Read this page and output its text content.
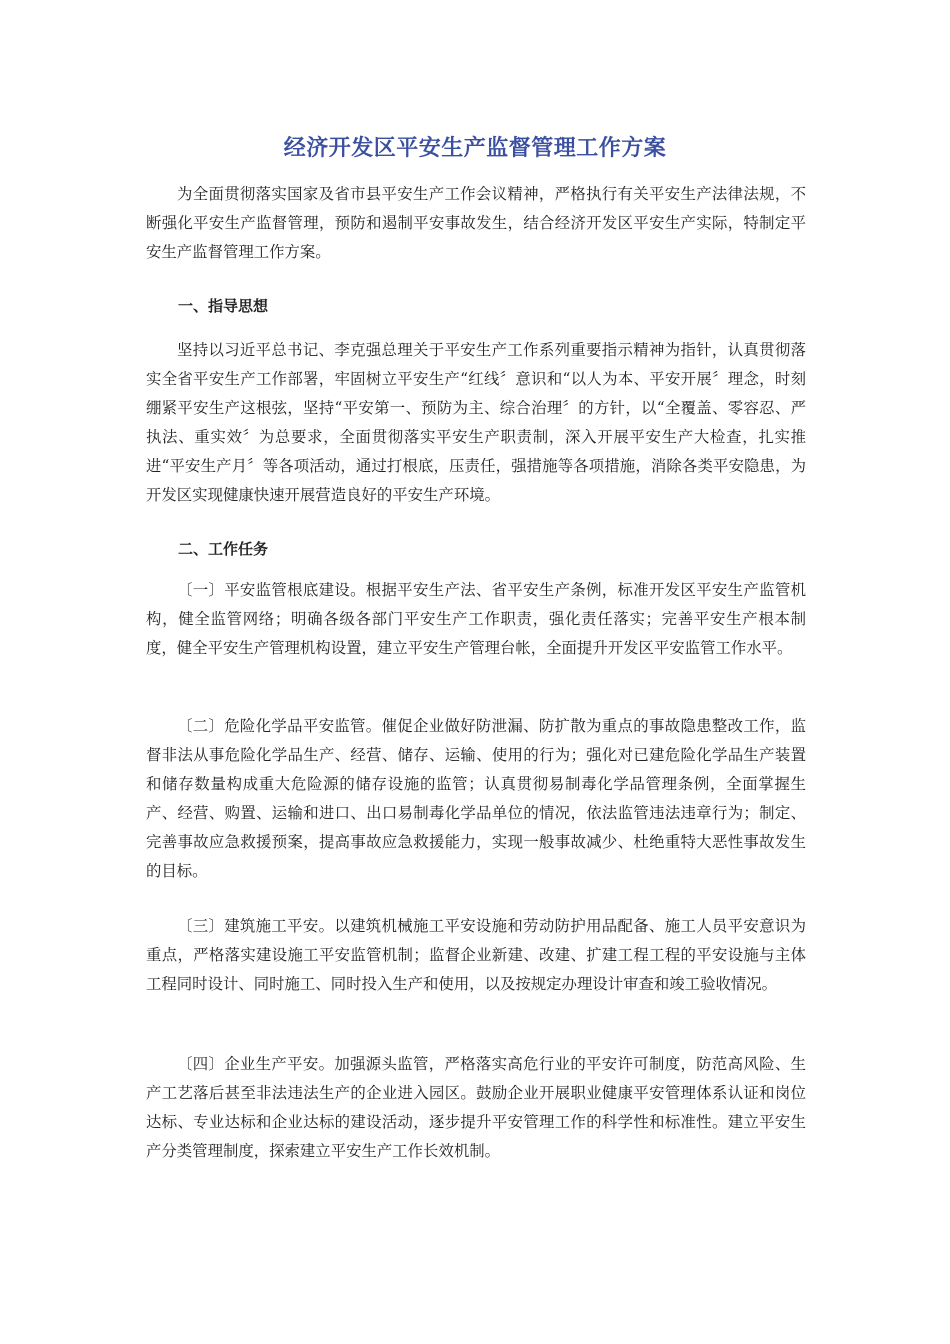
经济开发区平安生产监督管理工作方案

为全面贯彻落实国家及省市县平安生产工作会议精神，严格执行有关平安生产法律法规，不断强化平安生产监督管理，预防和遏制平安事故发生，结合经济开发区平安生产实际，特制定平安生产监督管理工作方案。

一、指导思想

坚持以习近平总书记、李克强总理关于平安生产工作系列重要指示精神为指针，认真贯彻落实全省平安生产工作部署，牢固树立平安生产“红线〞意识和“以人为本、平安开展〞理念，时刻绷紧平安生产这根弦，坚持“平安第一、预防为主、综合治理〞的方针，以“全覆盖、零容忍、严执法、重实效〞为总要求，全面贯彻落实平安生产职责制，深入开展平安生产大检查，扎实推进“平安生产月〞等各项活动，通过打根底，压责任，强措施等各项措施，消除各类平安隐患，为开发区实现健康快速开展营造良好的平安生产环境。

二、工作任务

〔一〕平安监管根底建设。根据平安生产法、省平安生产条例，标准开发区平安生产监管机构，健全监管网络；明确各级各部门平安生产工作职责，强化责任落实；完善平安生产根本制度，健全平安生产管理机构设置，建立平安生产管理台帐，全面提升开发区平安监管工作水平。

〔二〕危险化学品平安监管。催促企业做好防泄漏、防扩散为重点的事故隐患整改工作，监督非法从事危险化学品生产、经营、储存、运输、使用的行为；强化对已建危险化学品生产装置和储存数量构成重大危险源的储存设施的监管；认真贯彻易制毒化学品管理条例，全面掌握生产、经营、购置、运输和进口、出口易制毒化学品单位的情况，依法监管违法违章行为；制定、完善事故应急救援预案，提高事故应急救援能力，实现一般事故减少、杜绝重特大恶性事故发生的目标。

〔三〕建筑施工平安。以建筑机械施工平安设施和劳动防护用品配备、施工人员平安意识为重点，严格落实建设施工平安监管机制；监督企业新建、改建、扩建工程工程的平安设施与主体工程同时设计、同时施工、同时投入生产和使用，以及按规定办理设计审查和竣工验收情况。

〔四〕企业生产平安。加强源头监管，严格落实高危行业的平安许可制度，防范高风险、生产工艺落后甚至非法违法生产的企业进入园区。鼓励企业开展职业健康平安管理体系认证和岗位达标、专业达标和企业达标的建设活动，逐步提升平安管理工作的科学性和标准性。建立平安生产分类管理制度，探索建立平安生产工作长效机制。
